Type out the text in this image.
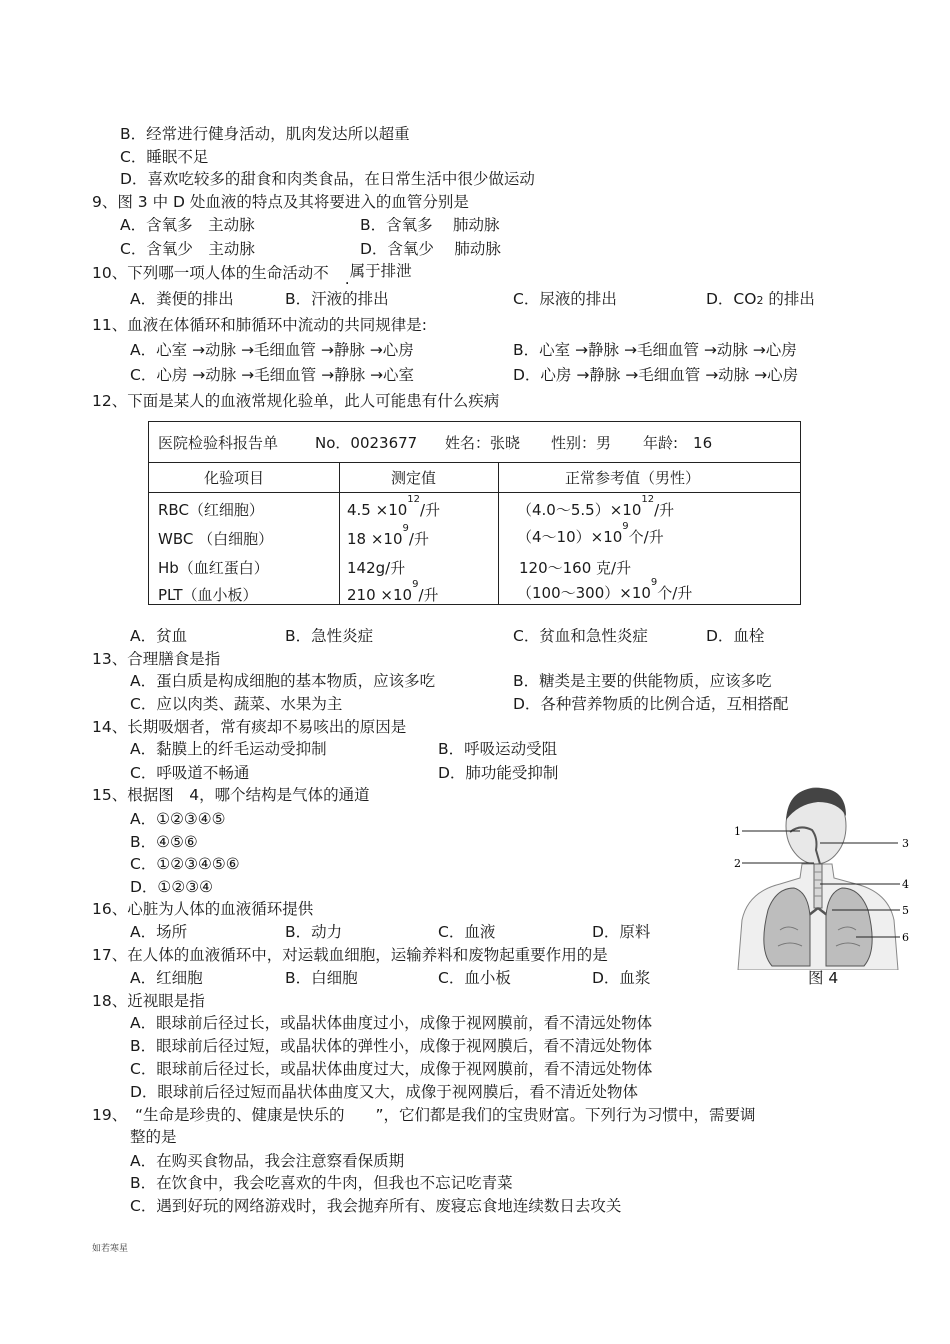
B．经常进行健身活动，肌肉发达所以超重
C．睡眠不足
D．喜欢吃较多的甜食和肉类食品，在日常生活中很少做运动
9、图 3 中 D 处血液的特点及其将要进入的血管分别是
A．含氧多　主动脉	B．含氧多　 肺动脉
C．含氧少　主动脉	D．含氧少　 肺动脉
10、下列哪一项人体的生命活动不 .属于排泄
A．粪便的排出	B．汗液的排出	C．尿液的排出	D．CO2 的排出
11、血液在体循环和肺循环中流动的共同规律是:
A．心室 →动脉 →毛细血管 →静脉 →心房	B．心室 →静脉 →毛细血管 →动脉 →心房
C．心房 →动脉 →毛细血管 →静脉 →心室	D．心房 →静脉 →毛细血管 →动脉 →心房
12、下面是某人的血液常规化验单，此人可能患有什么疾病
医院检验科报告单 No．0023677 姓名：张晓 性别：男 年龄:　16
化验项目	测定值	正常参考值（男性）
RBC（红细胞）	$4.5 \times 10^{12}/$升	$(4.0\sim 5.5)\times 10^{12}/$升
WBC （白细胞）	$18 \times 10^9/$升	$(4\sim 10)\times 10^9$个/升
Hb（血红蛋白）	142g/升	120～160 克/升
PLT（血小板）	$210 \times 10^9/$升	$(100\sim 300)\times 10^9$个/升
A．贫血	B．急性炎症	C．贫血和急性炎症	D．血栓
13、合理膳食是指
A．蛋白质是构成细胞的基本物质，应该多吃	B．糖类是主要的供能物质，应该多吃
C．应以肉类、蔬菜、水果为主	D．各种营养物质的比例合适，互相搭配
14、长期吸烟者，常有痰却不易咳出的原因是
A．黏膜上的纤毛运动受抑制	B．呼吸运动受阻
C．呼吸道不畅通	D．肺功能受抑制
15、根据图　4，哪个结构是气体的通道
A．①②③④⑤
B．④⑤⑥
C．①②③④⑤⑥
D．①②③④
16、心脏为人体的血液循环提供
A．场所	B．动力	C．血液	D．原料
17、在人体的血液循环中，对运载血细胞，运输养料和废物起重要作用的是
A．红细胞	B．白细胞	C．血小板	D．血浆
1
2
3
4
5
6
图 4
18、近视眼是指
A．眼球前后径过长，或晶状体曲度过小，成像于视网膜前，看不清远处物体
B．眼球前后径过短，或晶状体的弹性小，成像于视网膜后，看不清远处物体
C．眼球前后径过长，或晶状体曲度过大，成像于视网膜前，看不清远处物体
D．眼球前后径过短而晶状体曲度又大，成像于视网膜后，看不清近处物体
19、　“生命是珍贵的、健康是快乐的　　”，它们都是我们的宝贵财富。下列行为习惯中，需要调
整的是
A．在购买食物品，我会注意察看保质期
B．在饮食中，我会吃喜欢的牛肉，但我也不忘记吃青菜
C．遇到好玩的网络游戏时，我会抛弃所有、废寝忘食地连续数日去攻关
如若寒星
